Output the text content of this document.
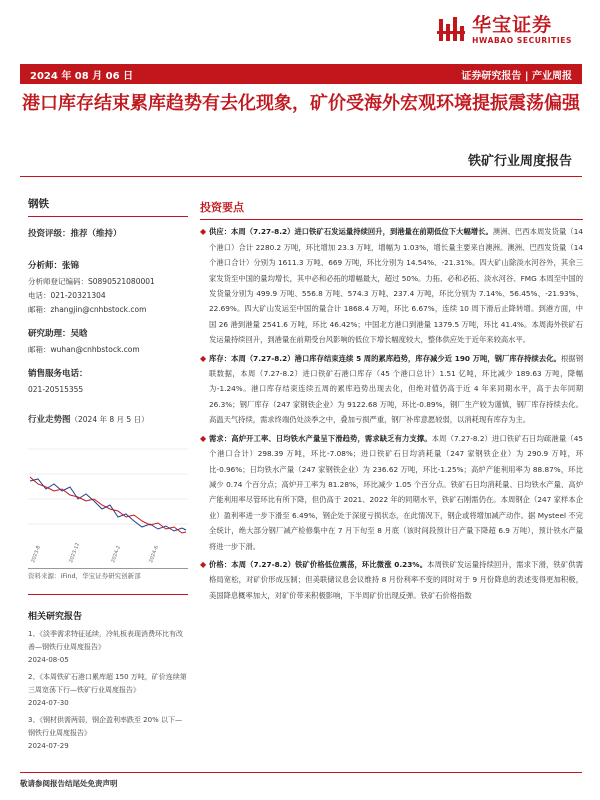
华宝证券
HWABAO SECURITIES
2024 年 08 月 06 日	证券研究报告 | 产业周报
港口库存结束累库趋势有去化现象，矿价受海外宏观环境提振震荡偏强
铁矿行业周度报告
钢铁
投资评级：推荐（维持）
分析师：张锦
分析师登记编码：S0890521080001
电话：021-20321304
邮箱：zhangjin@cnhbstock.com
研究助理：吴晗
邮箱：wuhan@cnhbstock.com
销售服务电话：
021-20515355
行业走势图（2024 年 8 月 5 日）
2023-8	2023-12	2024-2	2024-6
资料来源：iFind，华宝证券研究创新部
相关研究报告
1、《淡季需求特征延续，冷轧板表现消费环比有改善—钢铁行业周度报告》
2024-08-05
2、《本周铁矿石港口累库超 150 万吨，矿价连续第三周宽荡下行—铁矿行业周度报告》
2024-07-30
3、《钢材供需两弱，钢企盈利率跌至 20% 以下—钢铁行业周度报告》
2024-07-29
投资要点
◆ 供应：本周（7.27-8.2）进口铁矿石发运量持续回升，到港量在前期低位下大幅增长。澳洲、巴西本周发货量（14 个港口）合计 2280.2 万吨，环比增加 23.3 万吨，增幅为 1.03%，增长量主要来自澳洲。澳洲、巴西发货量（14 个港口合计）分别为 1611.3 万吨、669 万吨，环比分别为 14.54%、-21.31%。四大矿山除淡水河谷外，其余三家发货至中国的量均增长，其中必和必拓的增幅最大，超过 50%。力拓、必和必拓、淡水河谷、FMG 本周至中国的发货量分别为 499.9 万吨、556.8 万吨、574.3 万吨、237.4 万吨，环比分别为 7.14%、56.45%、-21.93%、22.69%。四大矿山发运至中国的量合计 1868.4 万吨，环比 6.67%，连续 10 周下滑后止降转增。到港方面，中国 26 港到港量 2541.6 万吨，环比 46.42%；中国北方港口到港量 1379.5 万吨，环比 41.4%。本周海外铁矿石发运量持续回升，到港量在前期受台风影响的低位下增长幅度较大，整体供应处于近年来较高水平。
◆ 库存：本周（7.27-8.2）港口库存结束连续 5 周的累库趋势，库存减少近 190 万吨，钢厂库存持续去化。根据钢联数据，本周（7.27-8.2）进口铁矿石港口库存（45 个港口总计）1.51 亿吨，环比减少 189.63 万吨，降幅为-1.24%。港口库存结束连续五周的累库趋势出现去化，但绝对值仍高于近 4 年来同期水平，高于去年同期 26.3%；钢厂库存（247 家钢铁企业）为 9122.68 万吨，环比-0.89%，钢厂生产较为谨慎，钢厂库存持续去化。高温天气持续，需求终端仍处淡季之中，叠加亏损严重，钢厂补库意愿较弱，以消耗现有库存为主。
◆ 需求：高炉开工率、日均铁水产量呈下滑趋势，需求缺乏有力支撑。本周（7.27-8.2）进口铁矿石日均疏港量（45 个港口合计）298.39 万吨，环比-7.08%；进口铁矿石日均消耗量（247 家钢铁企业）为 290.9 万吨，环比-0.96%；日均铁水产量（247 家钢铁企业）为 236.62 万吨，环比-1.25%；高炉产能利用率为 88.87%，环比减少 0.74 个百分点；高炉开工率为 81.28%，环比减少 1.05 个百分点。铁矿石日均消耗量、日均铁水产量、高炉产能利用率尽管环比有所下降，但仍高于 2021、2022 年的同期水平，铁矿石刚需仍在。本周钢企（247 家样本企业）盈利率进一步下滑至 6.49%，钢企处于深度亏损状态，在此情况下，钢企或将增加减产动作。据 Mysteel 不完全统计，绝大部分钢厂减产检修集中在 7 月下旬至 8 月底（该时间段预计日产量下降超 6.9 万吨），预计铁水产量将进一步下滑。
◆ 价格：本周（7.27-8.2）铁矿价格低位震荡，环比微涨 0.23%。本周铁矿发运量持续回升，需求下滑，铁矿供需格局宽松，对矿价形成压制；但美联储议息会议维持 8 月份利率不变的同时对于 9 月份降息的表述变得更加积极，美国降息概率加大，对矿价带来积极影响，下半周矿价出现反弹。铁矿石价格指数
敬请参阅报告结尾处免责声明
